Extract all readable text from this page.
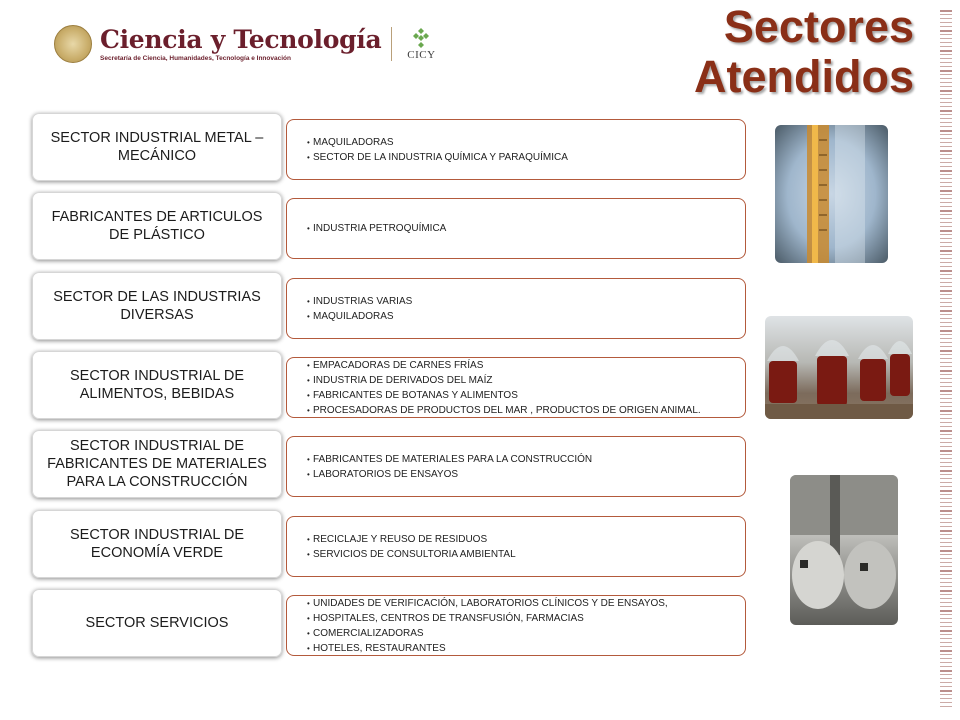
Ciencia y Tecnología
Secretaría de Ciencia, Humanidades, Tecnología e Innovación	CICY
Sectores
Atendidos
SECTOR INDUSTRIAL METAL – MECÁNICO
• MAQUILADORAS
• SECTOR DE LA INDUSTRIA QUÍMICA Y PARAQUÍMICA
FABRICANTES DE ARTICULOS DE PLÁSTICO
•	INDUSTRIA PETROQUÍMICA
SECTOR DE LAS INDUSTRIAS DIVERSAS
• INDUSTRIAS VARIAS
• MAQUILADORAS
SECTOR INDUSTRIAL DE ALIMENTOS, BEBIDAS
• EMPACADORAS DE CARNES FRÍAS
• INDUSTRIA DE DERIVADOS DEL MAÍZ
• FABRICANTES DE BOTANAS Y ALIMENTOS
• PROCESADORAS DE PRODUCTOS DEL MAR , PRODUCTOS DE ORIGEN ANIMAL.
SECTOR INDUSTRIAL DE FABRICANTES DE MATERIALES PARA LA CONSTRUCCIÓN
• FABRICANTES DE MATERIALES PARA LA CONSTRUCCIÓN
• LABORATORIOS DE ENSAYOS
SECTOR INDUSTRIAL DE ECONOMÍA VERDE
• RECICLAJE Y REUSO DE RESIDUOS
• SERVICIOS DE CONSULTORIA AMBIENTAL
SECTOR SERVICIOS
• UNIDADES DE VERIFICACIÓN, LABORATORIOS CLÍNICOS Y DE ENSAYOS,
• HOSPITALES, CENTROS DE TRANSFUSIÓN, FARMACIAS
• COMERCIALIZADORAS
• HOTELES, RESTAURANTES
